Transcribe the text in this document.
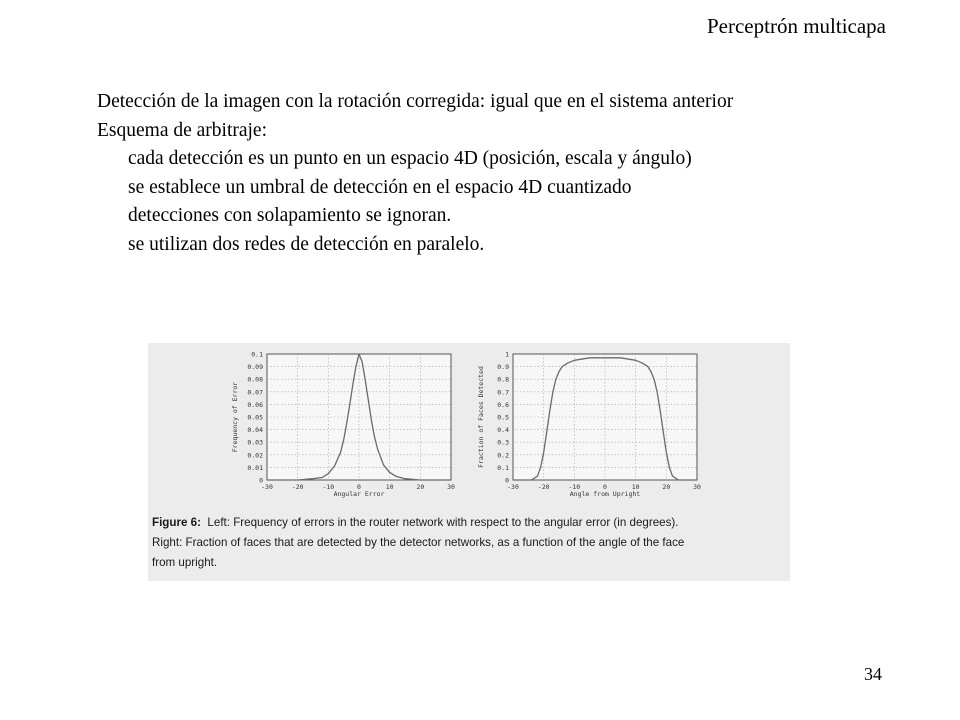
Perceptrón multicapa
Detección de la imagen con la rotación corregida: igual que en el sistema anterior
Esquema de arbitraje:
cada detección es un punto en un espacio 4D (posición, escala y ángulo)
se establece un umbral de detección en el espacio 4D cuantizado
detecciones con solapamiento se ignoran.
se utilizan dos redes de detección en paralelo.
0
0.01
0.02
0.03
0.04
0.05
0.06
0.07
0.08
0.09
0.1
-30	-20	-10	0	10	20	30
Angular Error
Frequency of Error
0
0.1
0.2
0.3
0.4
0.5
0.6
0.7
0.8
0.9
1
-30	-20	-10	0	10	20	30
Angle from Upright
Fraction of Faces Detected
Figure 6: Left: Frequency of errors in the router network with respect to the angular error (in degrees).
Right: Fraction of faces that are detected by the detector networks, as a function of the angle of the face
from upright.
34
